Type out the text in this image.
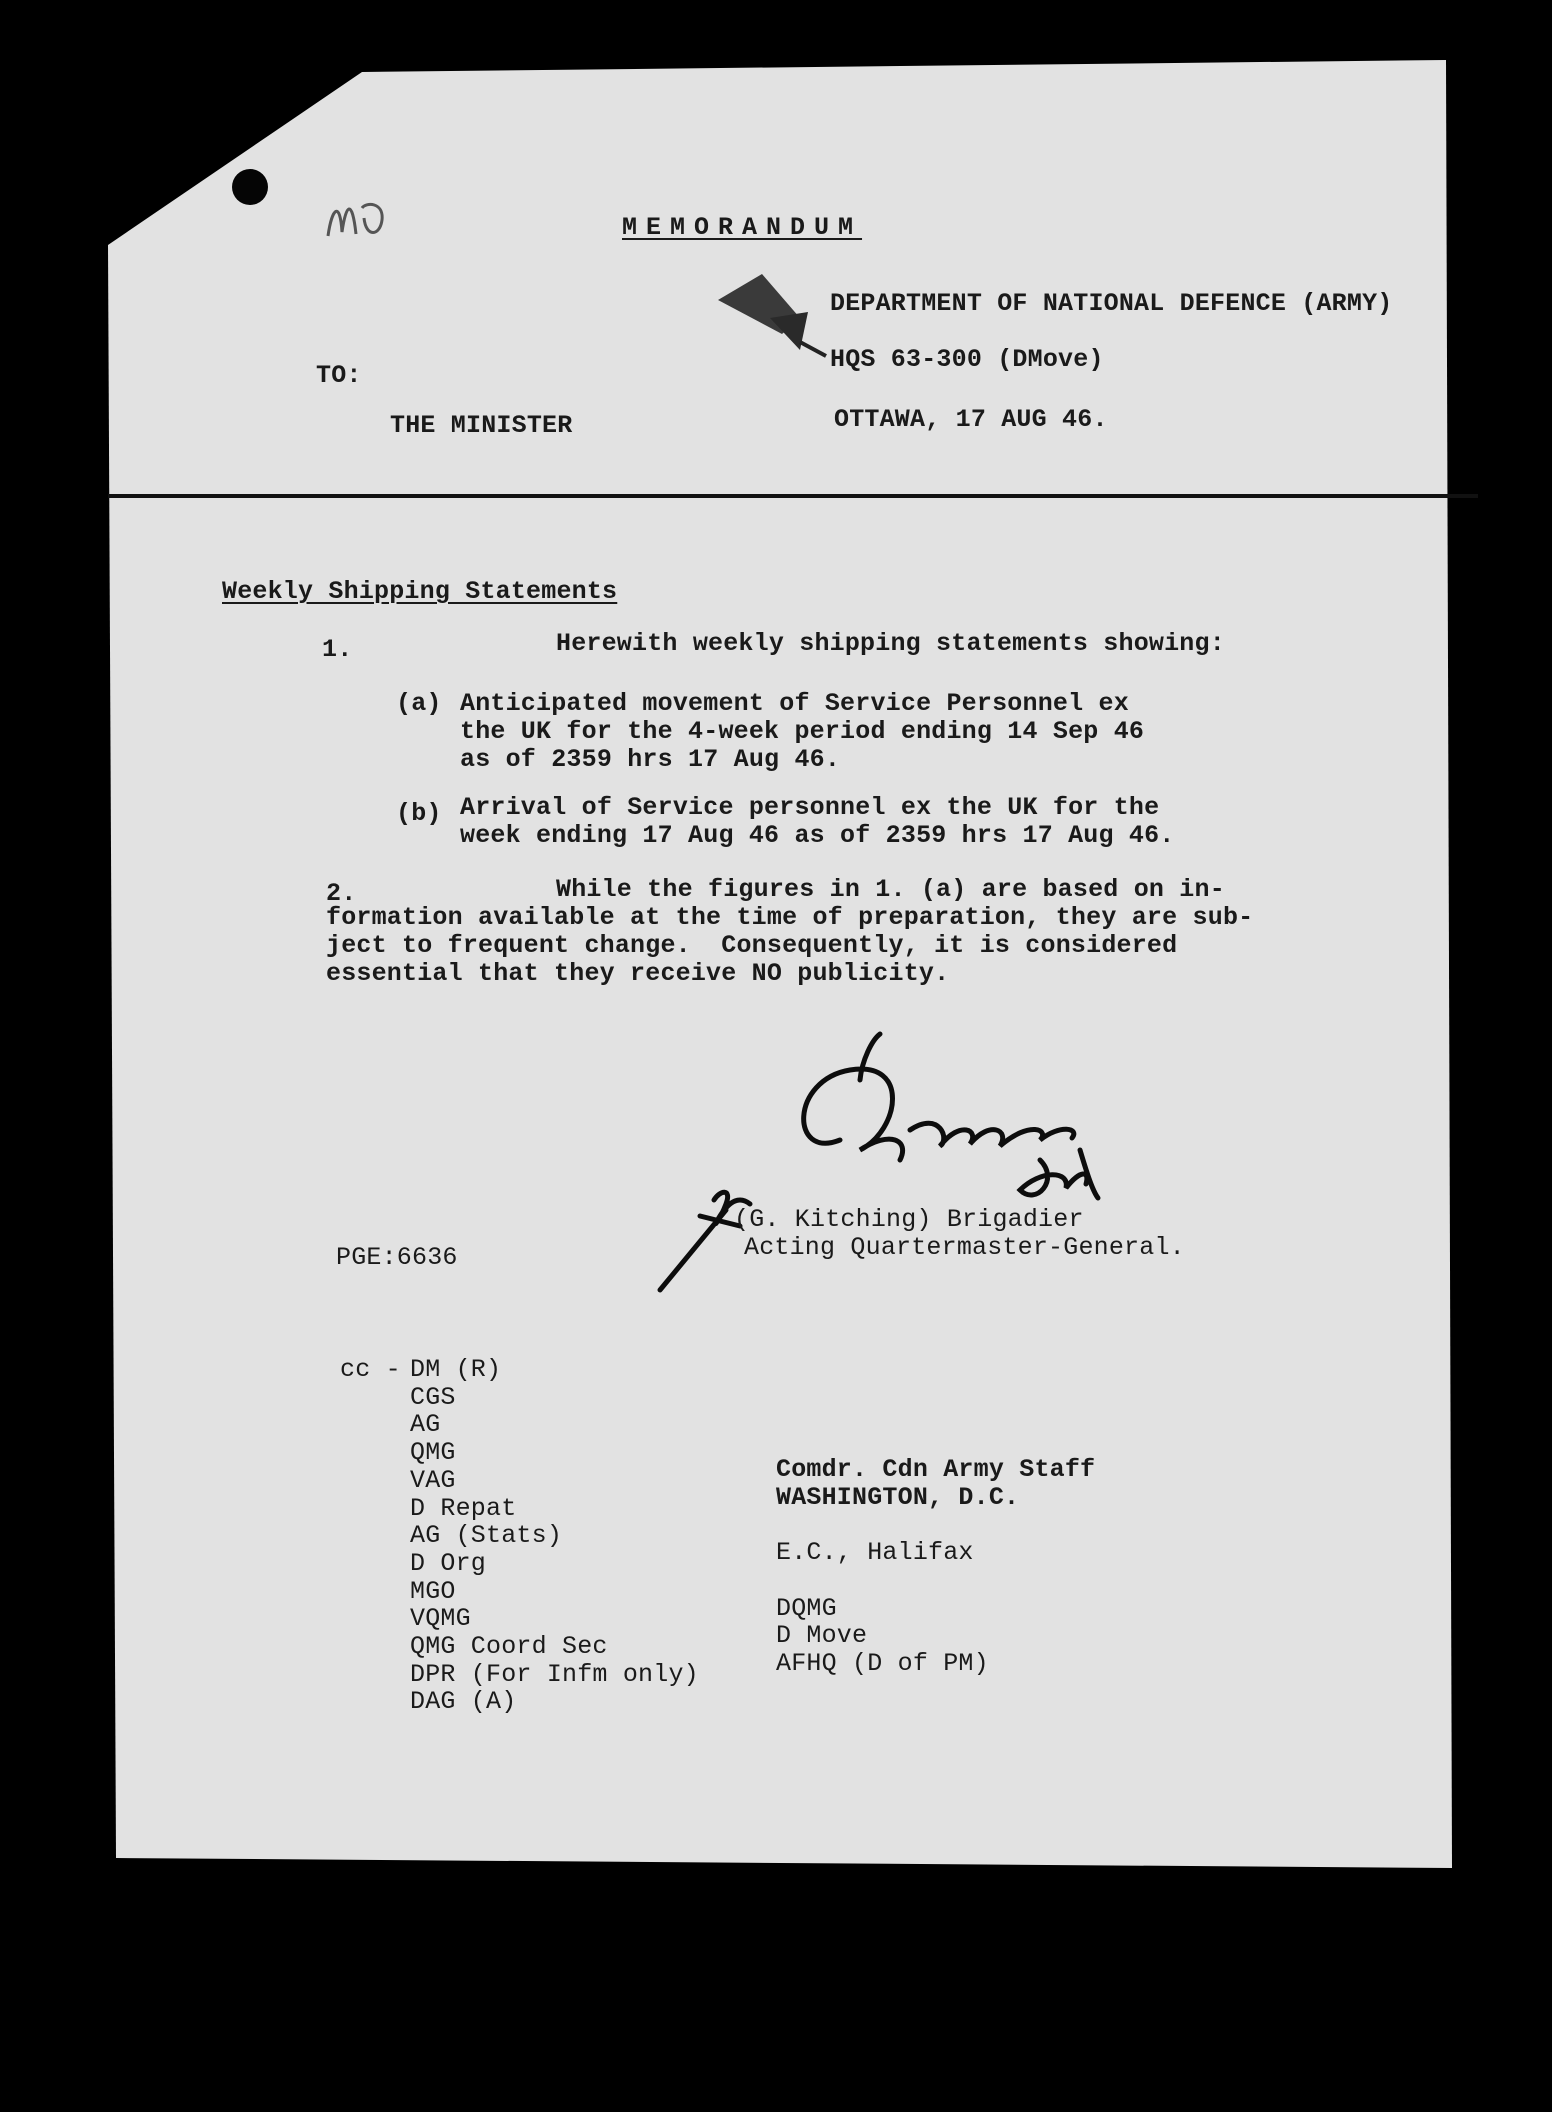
MEMORANDUM
DEPARTMENT OF NATIONAL DEFENCE (ARMY)
HQS 63-300 (DMove)
TO:
OTTAWA, 17 AUG 46.
THE MINISTER
Weekly Shipping Statements
1.	Herewith weekly shipping statements showing:
(a) Anticipated movement of Service Personnel ex
the UK for the 4-week period ending 14 Sep 46
as of 2359 hrs 17 Aug 46.
(b) Arrival of Service personnel ex the UK for the
week ending 17 Aug 46 as of 2359 hrs 17 Aug 46.
2.	While the figures in 1. (a) are based on in-
formation available at the time of preparation, they are sub-
ject to frequent change.  Consequently, it is considered
essential that they receive NO publicity.
(G. Kitching) Brigadier
Acting Quartermaster-General.
PGE:6636
cc - DM (R)
CGS
AG
QMG
VAG
D Repat
AG (Stats)
D Org
MGO
VQMG
QMG Coord Sec
DPR (For Infm only)
DAG (A)
Comdr. Cdn Army Staff
WASHINGTON, D.C.
E.C., Halifax
DQMG
D Move
AFHQ (D of PM)
